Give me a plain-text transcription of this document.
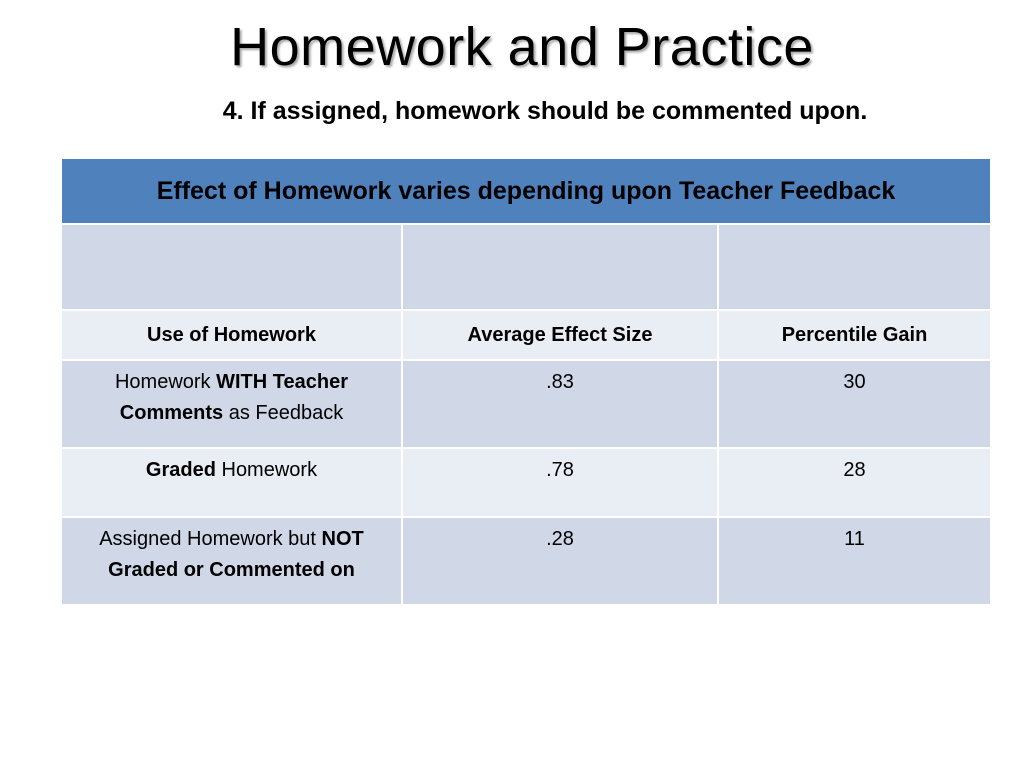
Homework and Practice
4. If assigned, homework should be commented upon.
Effect of Homework varies depending upon Teacher Feedback		

Use of Homework	Average Effect Size	Percentile Gain
Homework WITH Teacher Comments as Feedback	.83	30
Graded Homework	.78	28
Assigned Homework but NOT Graded or Commented on	.28	11
